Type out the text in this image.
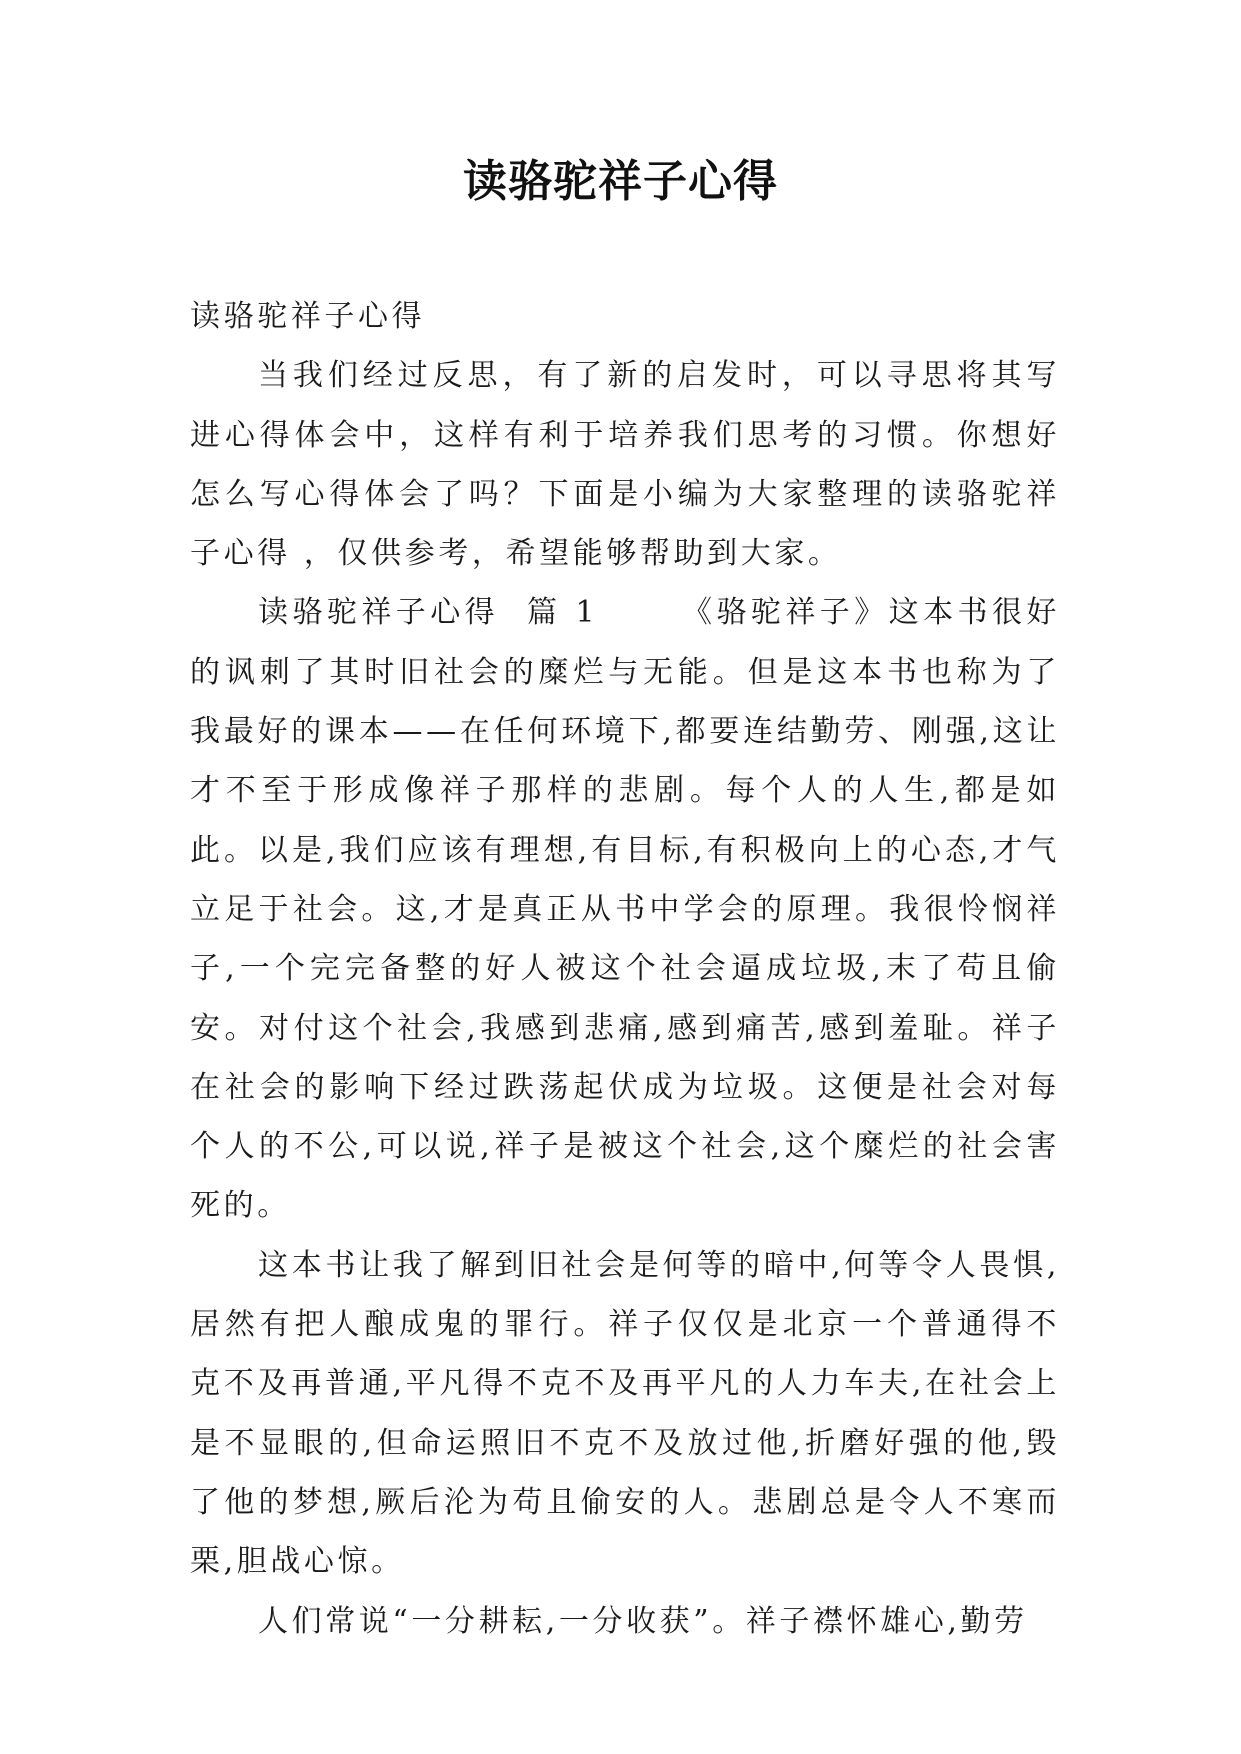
读骆驼祥子心得

读骆驼祥子心得

当我们经过反思，有了新的启发时，可以寻思将其写进心得体会中，这样有利于培养我们思考的习惯。你想好怎么写心得体会了吗？下面是小编为大家整理的读骆驼祥子心得 ，仅供参考，希望能够帮助到大家。

读骆驼祥子心得  篇 1      《骆驼祥子》这本书很好的讽刺了其时旧社会的糜烂与无能。但是这本书也称为了我最好的课本——在任何环境下,都要连结勤劳、刚强,这让才不至于形成像祥子那样的悲剧。每个人的人生,都是如此。以是,我们应该有理想,有目标,有积极向上的心态,才气立足于社会。这,才是真正从书中学会的原理。我很怜悯祥子,一个完完备整的好人被这个社会逼成垃圾,末了苟且偷安。对付这个社会,我感到悲痛,感到痛苦,感到羞耻。祥子在社会的影响下经过跌荡起伏成为垃圾。这便是社会对每个人的不公,可以说,祥子是被这个社会,这个糜烂的社会害死的。

这本书让我了解到旧社会是何等的暗中,何等令人畏惧,居然有把人酿成鬼的罪行。祥子仅仅是北京一个普通得不克不及再普通,平凡得不克不及再平凡的人力车夫,在社会上是不显眼的,但命运照旧不克不及放过他,折磨好强的他,毁了他的梦想,厥后沦为苟且偷安的人。悲剧总是令人不寒而栗,胆战心惊。

人们常说“一分耕耘,一分收获”。祥子襟怀雄心,勤劳
